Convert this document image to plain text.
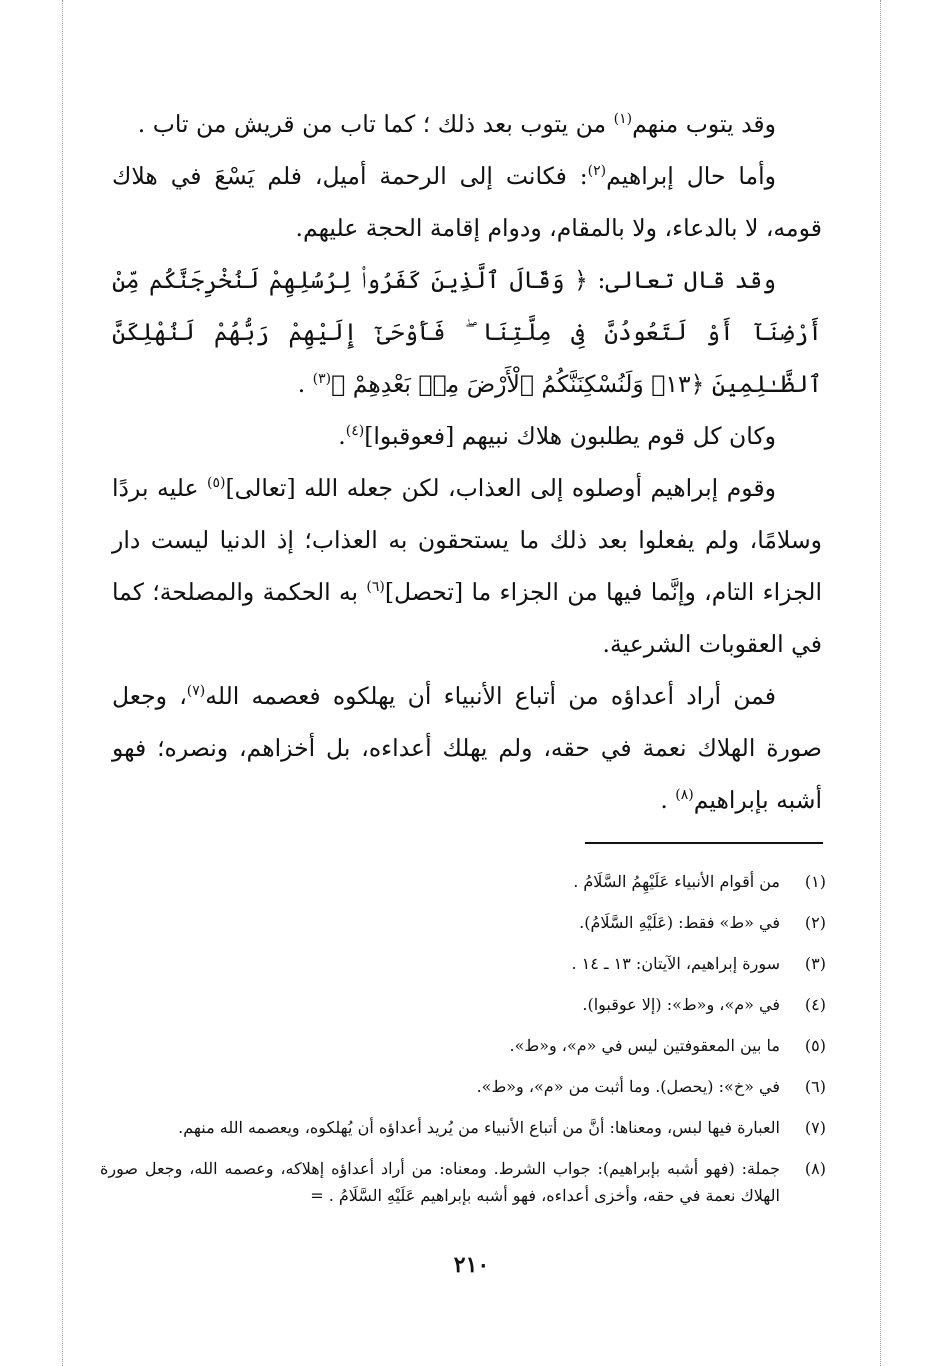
وقد يتوب منهم$^{(١)}$ من يتوب بعد ذلك ؛ كما تاب من قريش من تاب .

وأما حال إبراهيم$^{(٢)}$: فكانت إلى الرحمة أميل، فلم يَسْعَ في هلاك قومه، لا بالدعاء، ولا بالمقام، ودوام إقامة الحجة عليهم.

وقد قال تعالى: ﴿ وَقَالَ ٱلَّذِينَ كَفَرُوا۟ لِرُسُلِهِمْ لَنُخْرِجَنَّكُم مِّنْ أَرْضِنَآ أَوْ لَتَعُودُنَّ فِى مِلَّتِنَا ۖ فَأَوْحَىٰٓ إِلَيْهِمْ رَبُّهُمْ لَنُهْلِكَنَّ ٱلظَّـٰلِمِينَ ﴿١٣﴾ وَلَنُسْكِنَنَّكُمُ ٱلْأَرْضَ مِنۢ بَعْدِهِمْ ﴾$^{(٣)}$ .

وكان كل قوم يطلبون هلاك نبيهم [فعوقبوا]$^{(٤)}$.

وقوم إبراهيم أوصلوه إلى العذاب، لكن جعله الله [تعالى]$^{(٥)}$ عليه بردًا وسلامًا، ولم يفعلوا بعد ذلك ما يستحقون به العذاب؛ إذ الدنيا ليست دار الجزاء التام، وإنَّما فيها من الجزاء ما [تحصل]$^{(٦)}$ به الحكمة والمصلحة؛ كما في العقوبات الشرعية.

فمن أراد أعداؤه من أتباع الأنبياء أن يهلكوه فعصمه الله$^{(٧)}$، وجعل صورة الهلاك نعمة في حقه، ولم يهلك أعداءه، بل أخزاهم، ونصره؛ فهو أشبه بإبراهيم$^{(٨)}$ .

(١)
من أقوام الأنبياء عَلَيْهِمُ السَّلَامُ .
(٢)
في «ط» فقط: (عَلَيْهِ السَّلَامُ).
(٣)
سورة إبراهيم، الآيتان: ١٣ ـ ١٤ .
(٤)
في «م»، و«ط»: (إلا عوقبوا).
(٥)
ما بين المعقوفتين ليس في «م»، و«ط».
(٦)
في «خ»: (يحصل). وما أثبت من «م»، و«ط».
(٧)
العبارة فيها لبس، ومعناها: أنَّ من أتباع الأنبياء من يُريد أعداؤه أن يُهلكوه، ويعصمه الله منهم.
(٨)
جملة: (فهو أشبه بإبراهيم): جواب الشرط. ومعناه: من أراد أعداؤه إهلاكه، وعصمه الله، وجعل صورة الهلاك نعمة في حقه، وأخزى أعداءه، فهو أشبه بإبراهيم عَلَيْهِ السَّلَامُ . =
٢١٠
